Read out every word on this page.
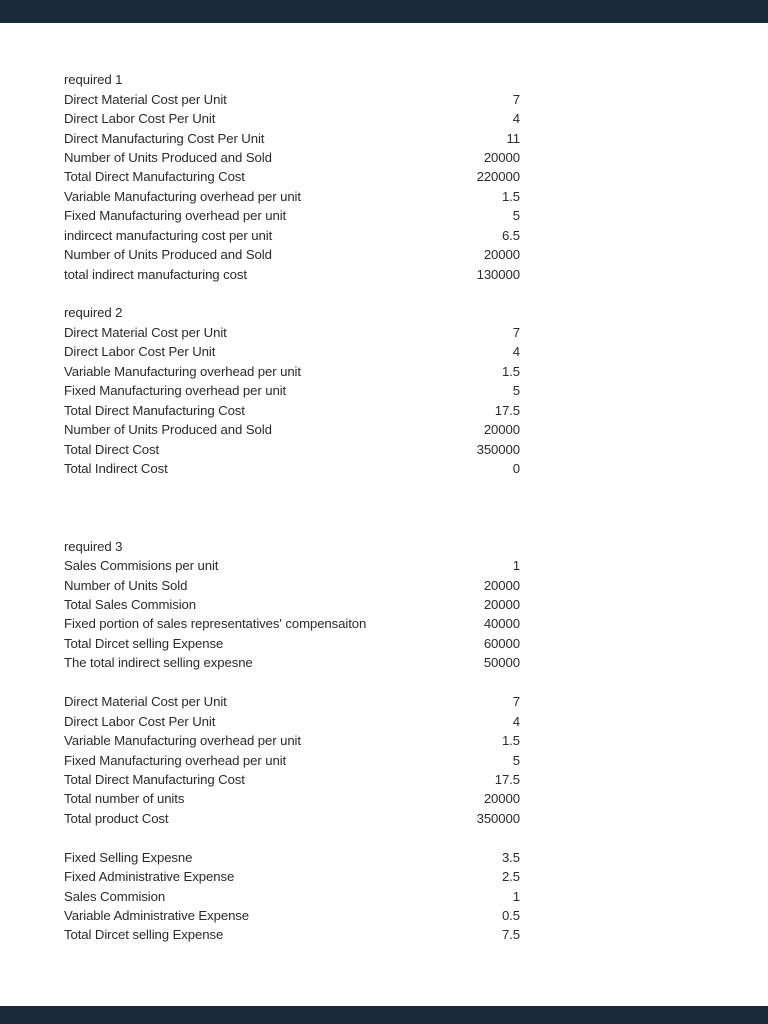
required 1
Direct Material Cost per Unit	7
Direct Labor Cost Per Unit	4
Direct Manufacturing Cost Per Unit	11
Number of Units Produced and Sold	20000
Total Direct Manufacturing Cost	220000
Variable Manufacturing overhead per unit	1.5
Fixed Manufacturing overhead per unit	5
indircect manufacturing cost per unit	6.5
Number of Units Produced and Sold	20000
total indirect manufacturing cost	130000
required 2
Direct Material Cost per Unit	7
Direct Labor Cost Per Unit	4
Variable Manufacturing overhead per unit	1.5
Fixed Manufacturing overhead per unit	5
Total Direct Manufacturing Cost	17.5
Number of Units Produced and Sold	20000
Total Direct Cost	350000
Total Indirect Cost	0
required 3
Sales Commisions per unit	1
Number of Units Sold	20000
Total Sales Commision	20000
Fixed portion of sales representatives' compensaiton	40000
Total Dircet selling Expense	60000
The total indirect selling expesne	50000
Direct Material Cost per Unit	7
Direct Labor Cost Per Unit	4
Variable Manufacturing overhead per unit	1.5
Fixed Manufacturing overhead per unit	5
Total Direct Manufacturing Cost	17.5
Total number of units	20000
Total product Cost	350000
Fixed Selling Expesne	3.5
Fixed Administrative Expense	2.5
Sales Commision	1
Variable Administrative Expense	0.5
Total Dircet selling Expense	7.5
